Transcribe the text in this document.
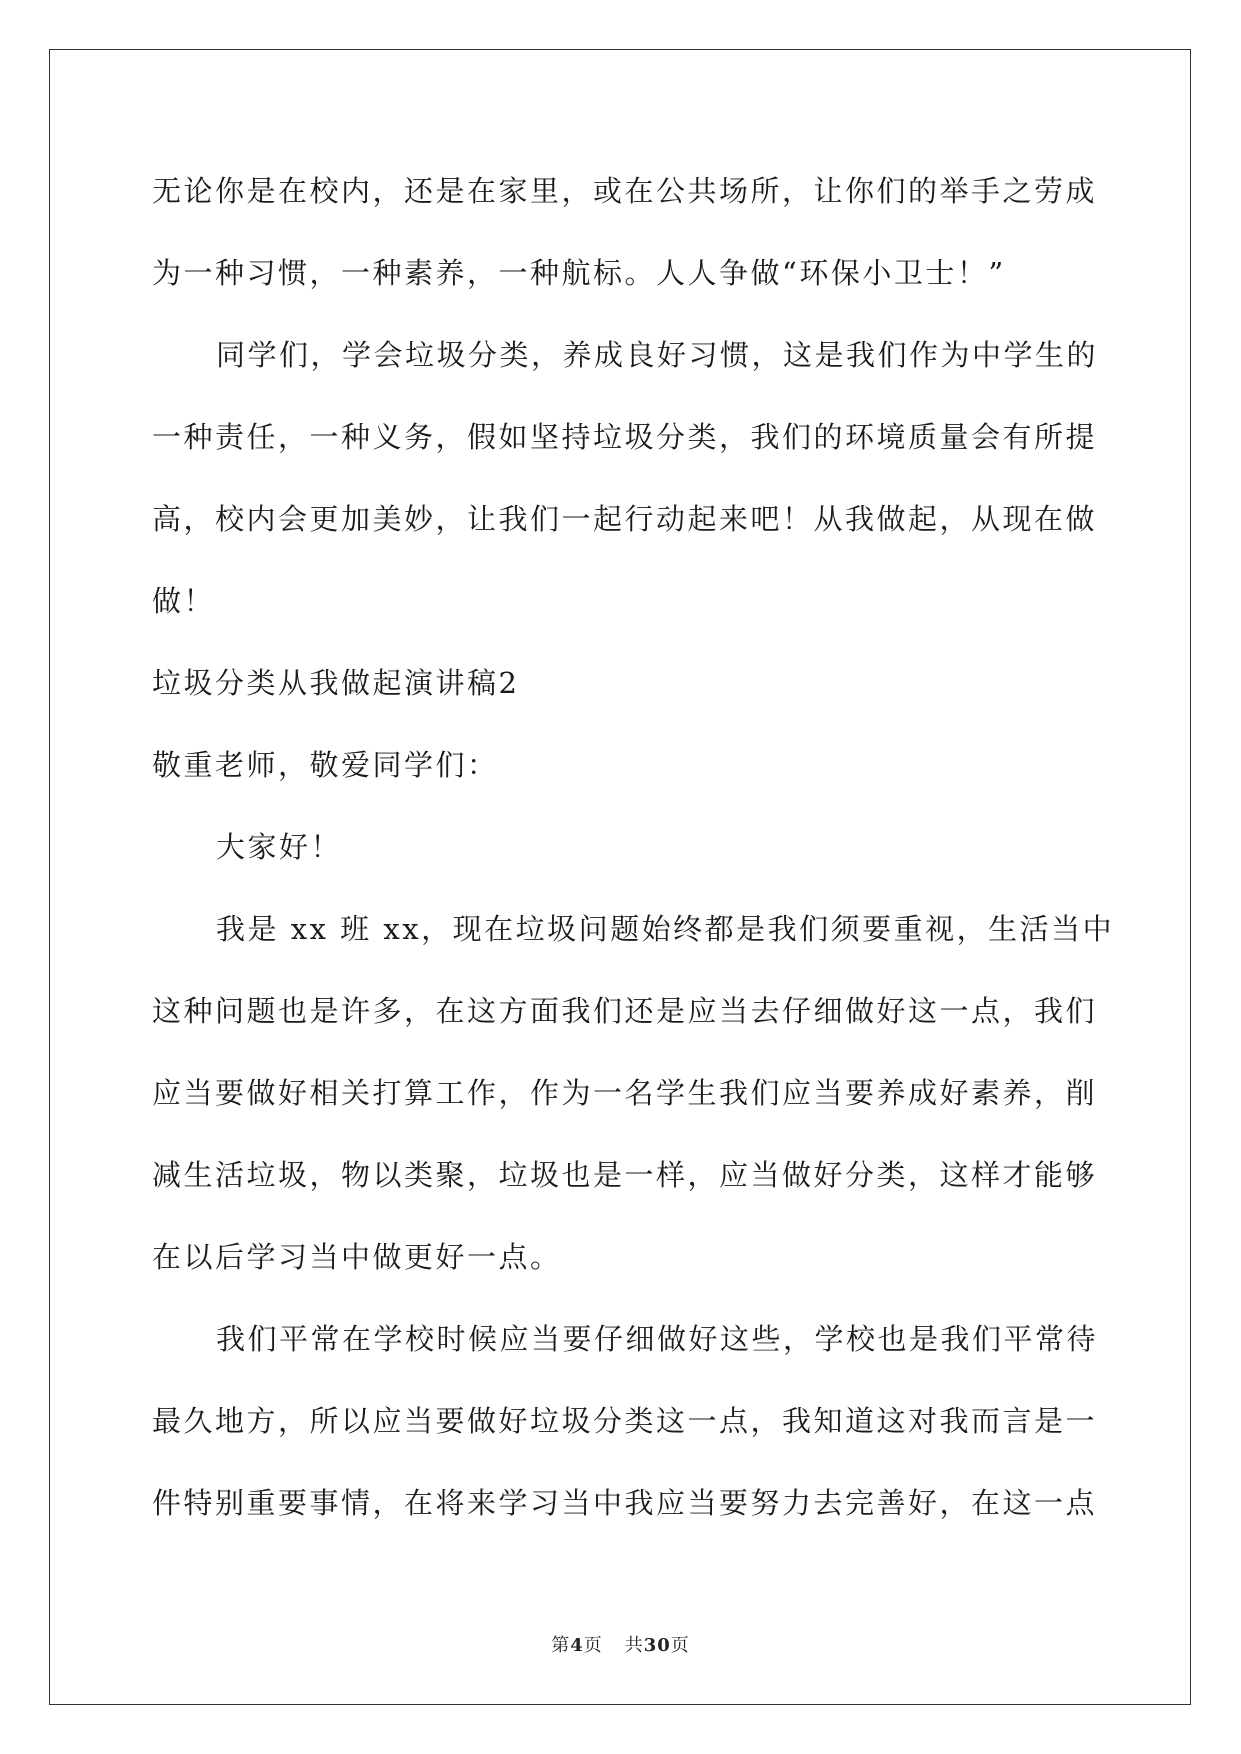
无论你是在校内，还是在家里，或在公共场所，让你们的举手之劳成
为一种习惯，一种素养，一种航标。人人争做“环保小卫士！”
同学们，学会垃圾分类，养成良好习惯，这是我们作为中学生的
一种责任，一种义务，假如坚持垃圾分类，我们的环境质量会有所提
高，校内会更加美妙，让我们一起行动起来吧！从我做起，从现在做
做！
垃圾分类从我做起演讲稿2
敬重老师，敬爱同学们：
大家好！
我是 xx 班 xx，现在垃圾问题始终都是我们须要重视，生活当中
这种问题也是许多，在这方面我们还是应当去仔细做好这一点，我们
应当要做好相关打算工作，作为一名学生我们应当要养成好素养，削
减生活垃圾，物以类聚，垃圾也是一样，应当做好分类，这样才能够
在以后学习当中做更好一点。
我们平常在学校时候应当要仔细做好这些，学校也是我们平常待
最久地方，所以应当要做好垃圾分类这一点，我知道这对我而言是一
件特别重要事情，在将来学习当中我应当要努力去完善好，在这一点
第4页 共30页
